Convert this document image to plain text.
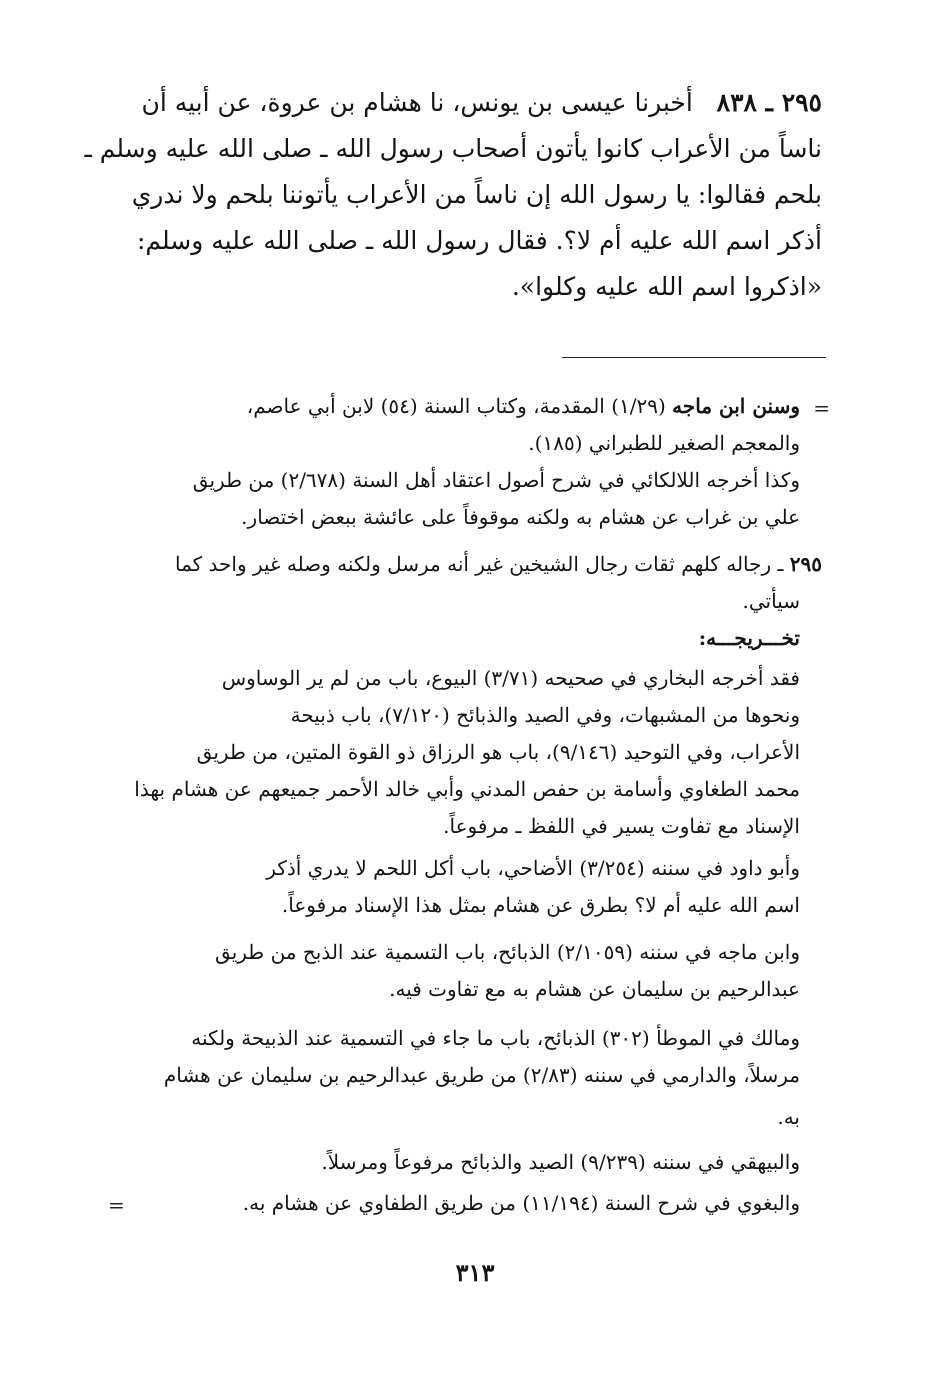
٢٩٥ ـ ٨٣٨   أخبرنا عيسى بن يونس، نا هشام بن عروة، عن أبيه أن
ناساً من الأعراب كانوا يأتون أصحاب رسول الله ـ صلى الله عليه وسلم ـ
بلحم فقالوا: يا رسول الله إن ناساً من الأعراب يأتوننا بلحم ولا ندري
أذكر اسم الله عليه أم لا؟. فقال رسول الله ـ صلى الله عليه وسلم:
«اذكروا اسم الله عليه وكلوا».
=
وسنن ابن ماجه (١/٢٩) المقدمة، وكتاب السنة (٥٤) لابن أبي عاصم،
والمعجم الصغير للطبراني (١٨٥).
وكذا أخرجه اللالكائي في شرح أصول اعتقاد أهل السنة (٢/٦٧٨) من طريق
علي بن غراب عن هشام به ولكنه موقوفاً على عائشة ببعض اختصار.
٢٩٥ ـ رجاله كلهم ثقات رجال الشيخين غير أنه مرسل ولكنه وصله غير واحد كما
سيأتي.
تخـــريجـــه:
فقد أخرجه البخاري في صحيحه (٣/٧١) البيوع، باب من لم ير الوساوس
ونحوها من المشبهات، وفي الصيد والذبائح (٧/١٢٠)، باب ذبيحة
الأعراب، وفي التوحيد (٩/١٤٦)، باب هو الرزاق ذو القوة المتين، من طريق
محمد الطغاوي وأسامة بن حفص المدني وأبي خالد الأحمر جميعهم عن هشام بهذا
الإسناد مع تفاوت يسير في اللفظ ـ مرفوعاً.
وأبو داود في سننه (٣/٢٥٤) الأضاحي، باب أكل اللحم لا يدري أذكر
اسم الله عليه أم لا؟ بطرق عن هشام بمثل هذا الإسناد مرفوعاً.
وابن ماجه في سننه (٢/١٠٥٩) الذبائح، باب التسمية عند الذبح من طريق
عبدالرحيم بن سليمان عن هشام به مع تفاوت فيه.
ومالك في الموطأ (٣٠٢) الذبائح، باب ما جاء في التسمية عند الذبيحة ولكنه
مرسلاً، والدارمي في سننه (٢/٨٣) من طريق عبدالرحيم بن سليمان عن هشام
به.
والبيهقي في سننه (٩/٢٣٩) الصيد والذبائح مرفوعاً ومرسلاً.
والبغوي في شرح السنة (١١/١٩٤) من طريق الطفاوي عن هشام به.
=
٣١٣
